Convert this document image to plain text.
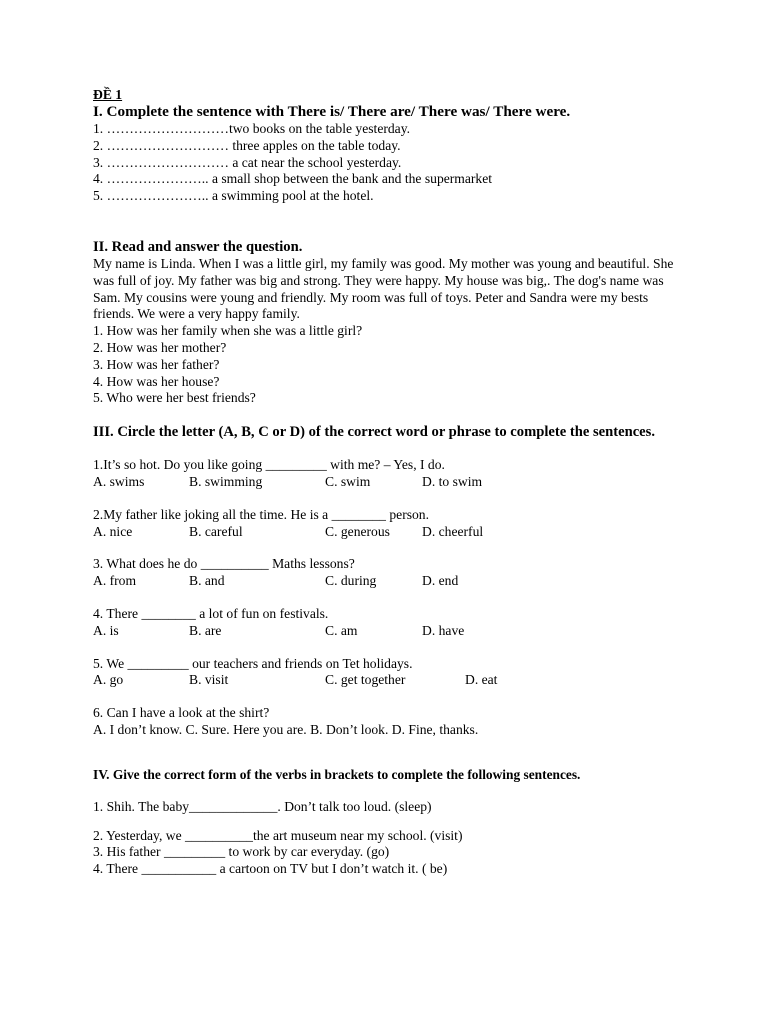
ĐỀ 1
I. Complete the sentence with There is/ There are/ There was/ There were.
1. ………………………two books on the table yesterday.
2. ……………………… three apples on the table today.
3. ……………………… a cat near the school yesterday.
4. ………………….. a small shop between the bank and the supermarket
5. ………………….. a swimming pool at the hotel.
II. Read and answer the question.
My name is Linda. When I was a little girl, my family was good. My mother was young and beautiful. She was full of joy. My father was big and strong. They were happy. My house was big,. The dog's name was Sam. My cousins were young and friendly. My room was full of toys. Peter and Sandra were my bests friends. We were a very happy family.
1. How was her family when she was a little girl?
2. How was her mother?
3. How was her father?
4. How was her house?
5. Who were her best friends?
III. Circle the letter (A, B, C or D) of the correct word or phrase to complete the sentences.
1.It’s so hot. Do you like going _________ with me? – Yes, I do.
A. swims	B. swimming	C. swim	D. to swim
2.My father like joking all the time. He is a ________ person.
A. nice	B. careful	C. generous	D. cheerful
3. What does he do __________ Maths lessons?
A. from	B. and	C. during	D. end
4. There ________ a lot of fun on festivals.
A. is	B. are	C. am	D. have
5. We _________ our teachers and friends on Tet holidays.
A. go	B. visit	C. get together	D. eat
6. Can I have a look at the shirt?
A. I don’t know. C. Sure. Here you are. B. Don’t look. D. Fine, thanks.
IV. Give the correct form of the verbs in brackets to complete the following sentences.
1. Shih. The baby_____________. Don’t talk too loud. (sleep)
2. Yesterday, we __________the art museum near my school. (visit)
3. His father _________ to work by car everyday. (go)
4. There ___________ a cartoon on TV but I don’t watch it. ( be)
